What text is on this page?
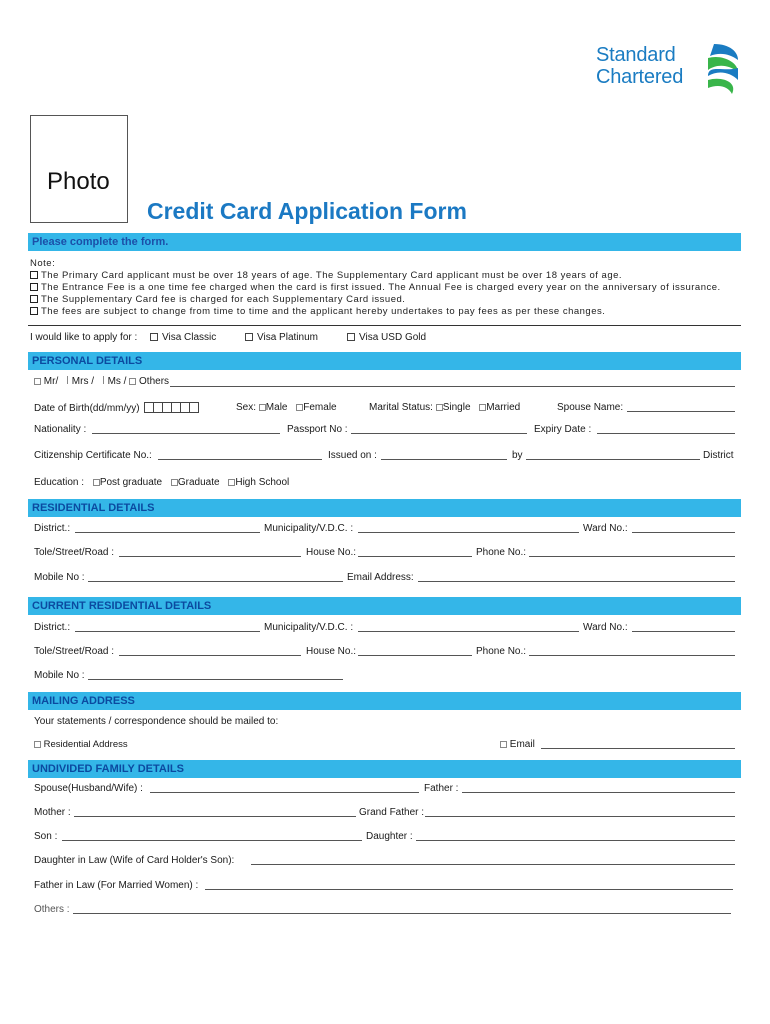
Standard
Chartered
Photo
Credit Card Application Form
Please complete the form.
Note:
The Primary Card applicant must be over 18 years of age. The Supplementary Card applicant must be over 18 years of age.
The Entrance Fee is a one time fee charged when the card is first issued. The Annual Fee is charged every year on the anniversary of issurance.
The Supplementary Card fee is charged for each Supplementary Card issued.
The fees are subject to change from time to time and the applicant hereby undertakes to pay fees as per these changes.
I would like to apply for :	Visa Classic	Visa Platinum	Visa USD Gold
PERSONAL DETAILS
Mr/ Mrs / Ms / Others
Date of Birth(dd/mm/yy)	Sex: Male Female	Marital Status: Single Married	Spouse Name:
Nationality :	Passport No :	Expiry Date :
Citizenship Certificate No.:	Issued on :	by	District
Education : Post graduate Graduate High School
RESIDENTIAL DETAILS
District.:	Municipality/V.D.C. :	Ward No.:
Tole/Street/Road :	House No.:	Phone No.:
Mobile No :	Email Address:
CURRENT RESIDENTIAL DETAILS
District.:	Municipality/V.D.C. :	Ward No.:
Tole/Street/Road :	House No.:	Phone No.:
Mobile No :
MAILING ADDRESS
Your statements / correspondence should be mailed to:
Residential Address	Email
UNDIVIDED FAMILY DETAILS
Spouse(Husband/Wife) :	Father :
Mother :	Grand Father :
Son :	Daughter :
Daughter in Law (Wife of Card Holder's Son):
Father in Law (For Married Women) :
Others :
